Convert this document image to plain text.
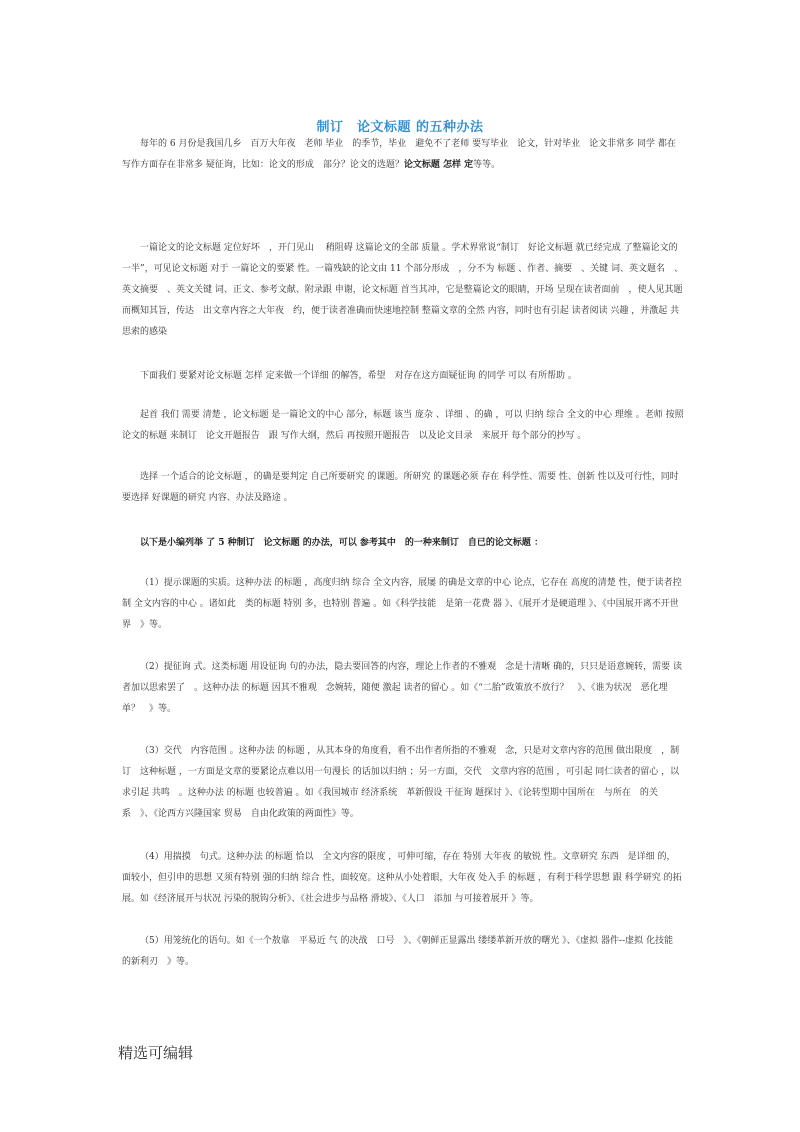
制订　论文标题 的五种办法
每年的 6 月份是我国几乡　百万大年夜　老师 毕业　的季节，毕业　避免不了老师 要写毕业　论文，针对毕业　论文非常多 同学 都在写作方面存在非常多 疑征询，比如：论文的形成　部分？论文的选题？论文标题 怎样 定等等。
一篇论文的论文标题 定位好坏　，开门见山　 稍阻碍 这篇论文的全部 质量 。学术界常说“制订　好论文标题 就已经完成 了整篇论文的一半”，可见论文标题 对于 一篇论文的要紧 性。一篇残缺的论文由 11 个部分形成　，分不为 标题 、作者、摘要　、关键 词、英文题名　、英文摘要　、英文关键 词、正文、参考文献、附录跟 申谢，论文标题 首当其冲，它是整篇论文的眼睛，开场 呈现在读者面前　，使人见其题而概知其旨，传达　出文章内容之大年夜　约，便于读者准确而快速地控制 整篇文章的全然 内容，同时也有引起 读者阅读 兴趣 ，并激起 共思索的感染
下面我们 要紧对论文标题 怎样 定来做一个详细 的解答，希望　对存在这方面疑征询 的同学 可以 有所帮助 。
起首 我们 需要 清楚 ，论文标题 是一篇论文的中心 部分，标题 该当 庞杂 、详细 、的确 ，可以 归纳 综合 全文的中心 理维 。老师 按照论文的标题 来制订　论文开题报告　跟 写作大纲，然后 再按照开题报告　以及论文目录　来展开 每个部分的抄写 。
选择 一个适合的论文标题 ，的确是要判定 自己所要研究 的课题。所研究 的课题必须 存在 科学性、需要 性、创新 性以及可行性，同时要选择 好课题的研究 内容、办法及路途 。
以下是小编列举 了 5 种制订　论文标题 的办法，可以 参考其中　的一种来制订　自已的论文标题 ：
（1）提示课题的实质。这种办法 的标题 ，高度归纳 综合 全文内容，展屡 的确是文章的中心 论点，它存在 高度的清楚 性，便于读者控制 全文内容的中心 。诸如此　类的标题 特别 多，也特别 普遍 。如《科学技能　是第一花费 器 》、《展开才是硬道理 》、《中国展开离不开世界　》等。
（2）提征询 式。这类标题 用设征询 句的办法，隐去要回答的内容，理论上作者的不雅观　念是十清晰 确的，只只是语意婉转，需要 读者加以思索罢了　。这种办法 的标题 因其不雅观　念婉转，随便 激起 读者的留心 。如《“二胎”政策放不放行？　》、《谁为状况　恶化埋单？　》等。
（3）交代　内容范围 。这种办法 的标题 ，从其本身的角度看，看不出作者所指的不雅观　念，只是对文章内容的范围 做出限度　，制订　这种标题 ，一方面是文章的要紧论点难以用一句漫长 的话加以归纳 ；另一方面，交代　文章内容的范围 ，可引起 同仁读者的留心 ，以求引起 共鸣　。这种办法 的标题 也较普遍 。如《我国城市 经济系统　革新假设 干征询 题探讨 》、《论转型期中国所在　与所在　的关系　》、《论西方兴隆国家 贸易　自由化政策的两面性》等。
（4）用揣摸　句式。这种办法 的标题 恰以　全文内容的限度 ，可伸可缩，存在 特别 大年夜 的敏锐 性。文章研究 东西　是详细 的，面较小，但引申的思想 又须有特别 强的归纳 综合 性，面较宽。这种从小处着眼，大年夜 处入手 的标题 ，有利于科学思想 跟 科学研究 的拓展。如《经济展开与状况 污染的脱钩分析》、《社会进步与品格 滑坡》、《人口　添加 与可接着展开 》等。
（5）用笼统化的语句。如《一个敖靠　平易近 气 的决战　口号　》、《朝鲜正显露出 缕缕革新开放的曙光 》、《虚拟 器件--虚拟 化技能　的新利刃　》等。
精选可编辑
